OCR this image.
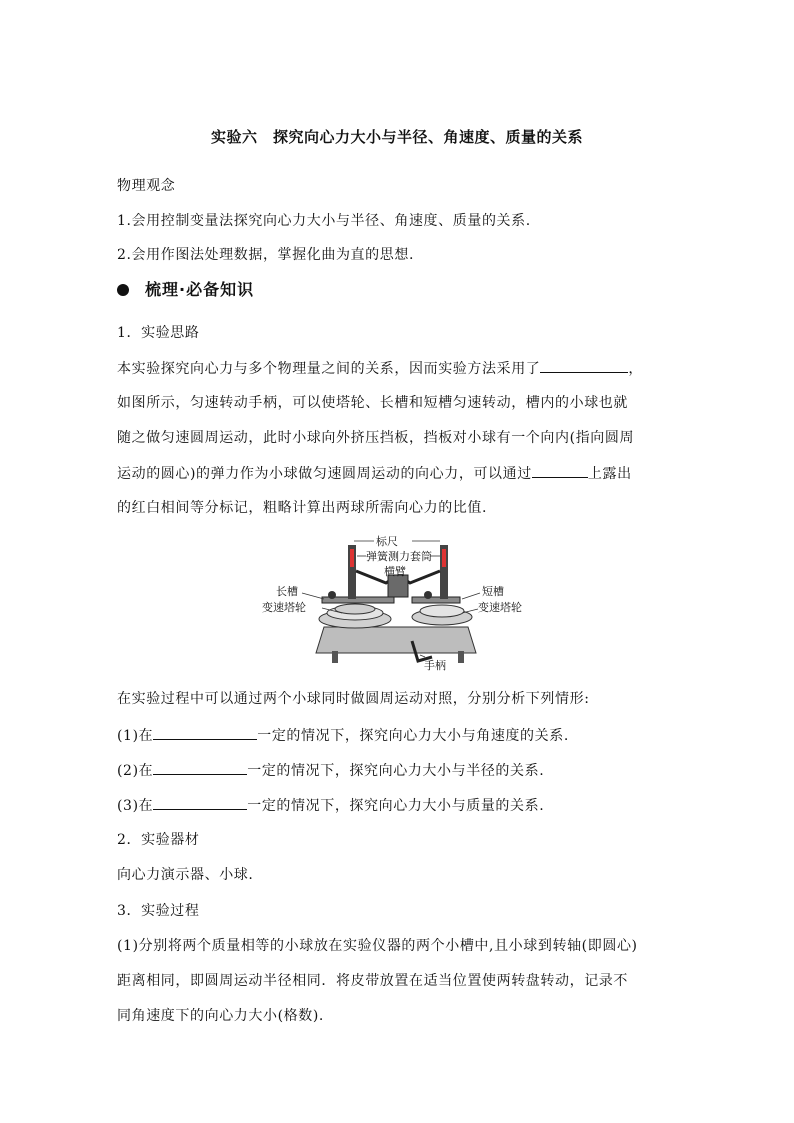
实验六　探究向心力大小与半径、角速度、质量的关系
物理观念
1.会用控制变量法探究向心力大小与半径、角速度、质量的关系.
2.会用作图法处理数据，掌握化曲为直的思想.
梳理·必备知识
1．实验思路
本实验探究向心力与多个物理量之间的关系，因而实验方法采用了	，
如图所示，匀速转动手柄，可以使塔轮、长槽和短槽匀速转动，槽内的小球也就
随之做匀速圆周运动，此时小球向外挤压挡板，挡板对小球有一个向内(指向圆周
运动的圆心)的弹力作为小球做匀速圆周运动的向心力，可以通过	上露出
的红白相间等分标记，粗略计算出两球所需向心力的比值.
标尺
弹簧测力套筒
横臂
长槽
变速塔轮
短槽
变速塔轮
手柄
在实验过程中可以通过两个小球同时做圆周运动对照，分别分析下列情形:
(1)在	一定的情况下，探究向心力大小与角速度的关系.
(2)在	一定的情况下，探究向心力大小与半径的关系.
(3)在	一定的情况下，探究向心力大小与质量的关系.
2．实验器材
向心力演示器、小球.
3．实验过程
(1)分别将两个质量相等的小球放在实验仪器的两个小槽中,且小球到转轴(即圆心)
距离相同，即圆周运动半径相同．将皮带放置在适当位置使两转盘转动，记录不
同角速度下的向心力大小(格数).
